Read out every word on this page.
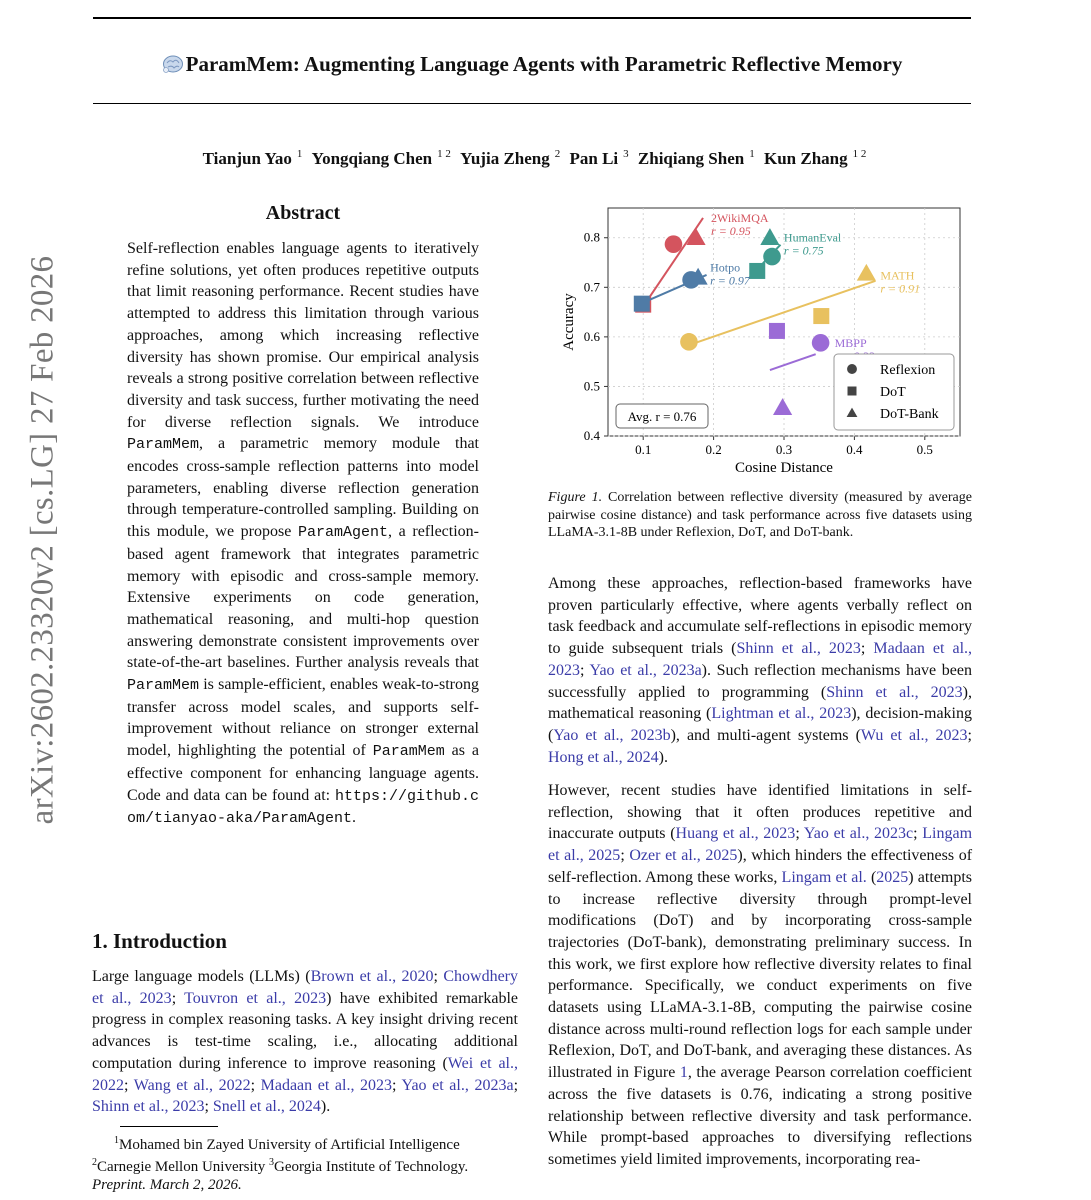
ParamMem: Augmenting Language Agents with Parametric Reflective Memory
Tianjun Yao $^1$ Yongqiang Chen $^{1 2}$ Yujia Zheng $^2$ Pan Li $^3$ Zhiqiang Shen $^1$ Kun Zhang $^{1 2}$
arXiv:2602.23320v2 [cs.LG] 27 Feb 2026
Abstract
Self-reflection enables language agents to iteratively refine solutions, yet often produces repetitive outputs that limit reasoning performance. Recent studies have attempted to address this limitation through various approaches, among which increasing reflective diversity has shown promise. Our empirical analysis reveals a strong positive correlation between reflective diversity and task success, further motivating the need for diverse reflection signals. We introduce ParamMem, a parametric memory module that encodes cross-sample reflection patterns into model parameters, enabling diverse reflection generation through temperature-controlled sampling. Building on this module, we propose ParamAgent, a reflection-based agent framework that integrates parametric memory with episodic and cross-sample memory. Extensive experiments on code generation, mathematical reasoning, and multi-hop question answering demonstrate consistent improvements over state-of-the-art baselines. Further analysis reveals that ParamMem is sample-efficient, enables weak-to-strong transfer across model scales, and supports self-improvement without reliance on stronger external model, highlighting the potential of ParamMem as a effective component for enhancing language agents. Code and data can be found at: https://github.com/tianyao-aka/ParamAgent.
1. Introduction
Large language models (LLMs) (Brown et al., 2020; Chowdhery et al., 2023; Touvron et al., 2023) have exhibited remarkable progress in complex reasoning tasks. A key insight driving recent advances is test-time scaling, i.e., allocating additional computation during inference to improve reasoning (Wei et al., 2022; Wang et al., 2022; Madaan et al., 2023; Yao et al., 2023a; Shinn et al., 2023; Snell et al., 2024).
$^1$Mohamed bin Zayed University of Artificial Intelligence
$^2$Carnegie Mellon University $^3$Georgia Institute of Technology.
Preprint. March 2, 2026.
0.1	0.2	0.3	0.4	0.5
0.4
0.5
0.6
0.7
0.8
Cosine Distance
Accuracy
2WikiMQA
r = 0.95	HumanEval
r = 0.75
Hotpo
r = 0.97	MATH
r = 0.91
MBPP
Avg. r = 0.76
Reflexion
DoT
DoT-Bank
Figure 1. Correlation between reflective diversity (measured by average pairwise cosine distance) and task performance across five datasets using LLaMA-3.1-8B under Reflexion, DoT, and DoT-bank.
Among these approaches, reflection-based frameworks have proven particularly effective, where agents verbally reflect on task feedback and accumulate self-reflections in episodic memory to guide subsequent trials (Shinn et al., 2023; Madaan et al., 2023; Yao et al., 2023a). Such reflection mechanisms have been successfully applied to programming (Shinn et al., 2023), mathematical reasoning (Lightman et al., 2023), decision-making (Yao et al., 2023b), and multi-agent systems (Wu et al., 2023; Hong et al., 2024).
However, recent studies have identified limitations in self-reflection, showing that it often produces repetitive and inaccurate outputs (Huang et al., 2023; Yao et al., 2023c; Lingam et al., 2025; Ozer et al., 2025), which hinders the effectiveness of self-reflection. Among these works, Lingam et al. (2025) attempts to increase reflective diversity through prompt-level modifications (DoT) and by incorporating cross-sample trajectories (DoT-bank), demonstrating preliminary success. In this work, we first explore how reflective diversity relates to final performance. Specifically, we conduct experiments on five datasets using LLaMA-3.1-8B, computing the pairwise cosine distance across multi-round reflection logs for each sample under Reflexion, DoT, and DoT-bank, and averaging these distances. As illustrated in Figure 1, the average Pearson correlation coefficient across the five datasets is 0.76, indicating a strong positive relationship between reflective diversity and task performance. While prompt-based approaches to diversifying reflections sometimes yield limited improvements, incorporating rea-
